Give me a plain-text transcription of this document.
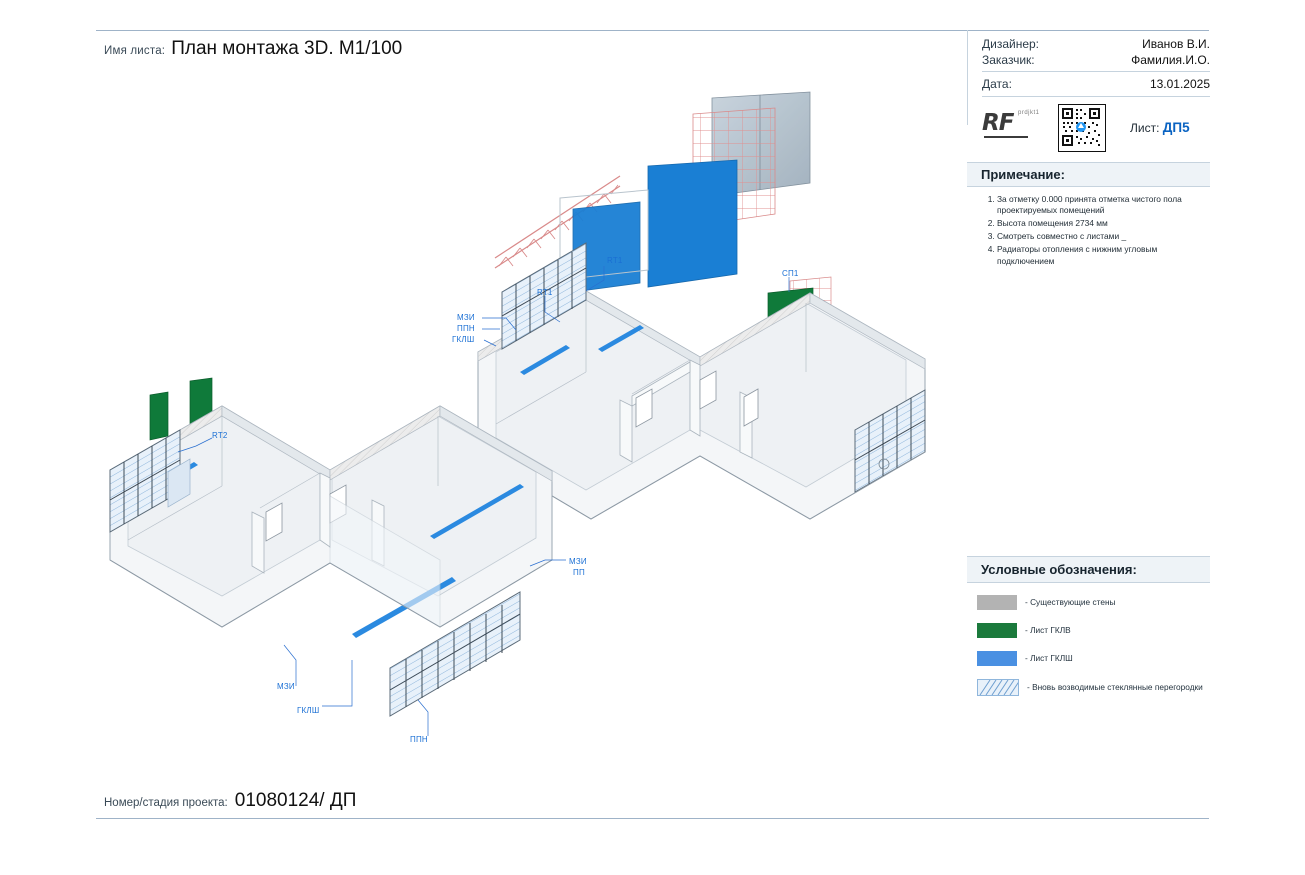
RT1
RT1
RT2
СП1
МЗИ
ППН
ГКЛШ
МЗИ
ПП
МЗИ
ГКЛШ
ППН
Имя листа: План монтажа 3D. М1/100	Дизайнер:	Иванов В.И.
Заказчик:	Фамилия.И.О.
Дата:	13.01.2025
RF prdjkt1
Лист: ДП5
Примечание:
1. За отметку 0.000 принята отметка чистого пола проектируемых помещений
2. Высота помещения 2734 мм
3. Смотреть совместно с листами _
4. Радиаторы отопления с нижним угловым подключением
Условные обозначения:
- Существующие стены
- Лист ГКЛВ
- Лист ГКЛШ
- Вновь возводимые стеклянные перегородки
Номер/стадия проекта: 01080124/ ДП
